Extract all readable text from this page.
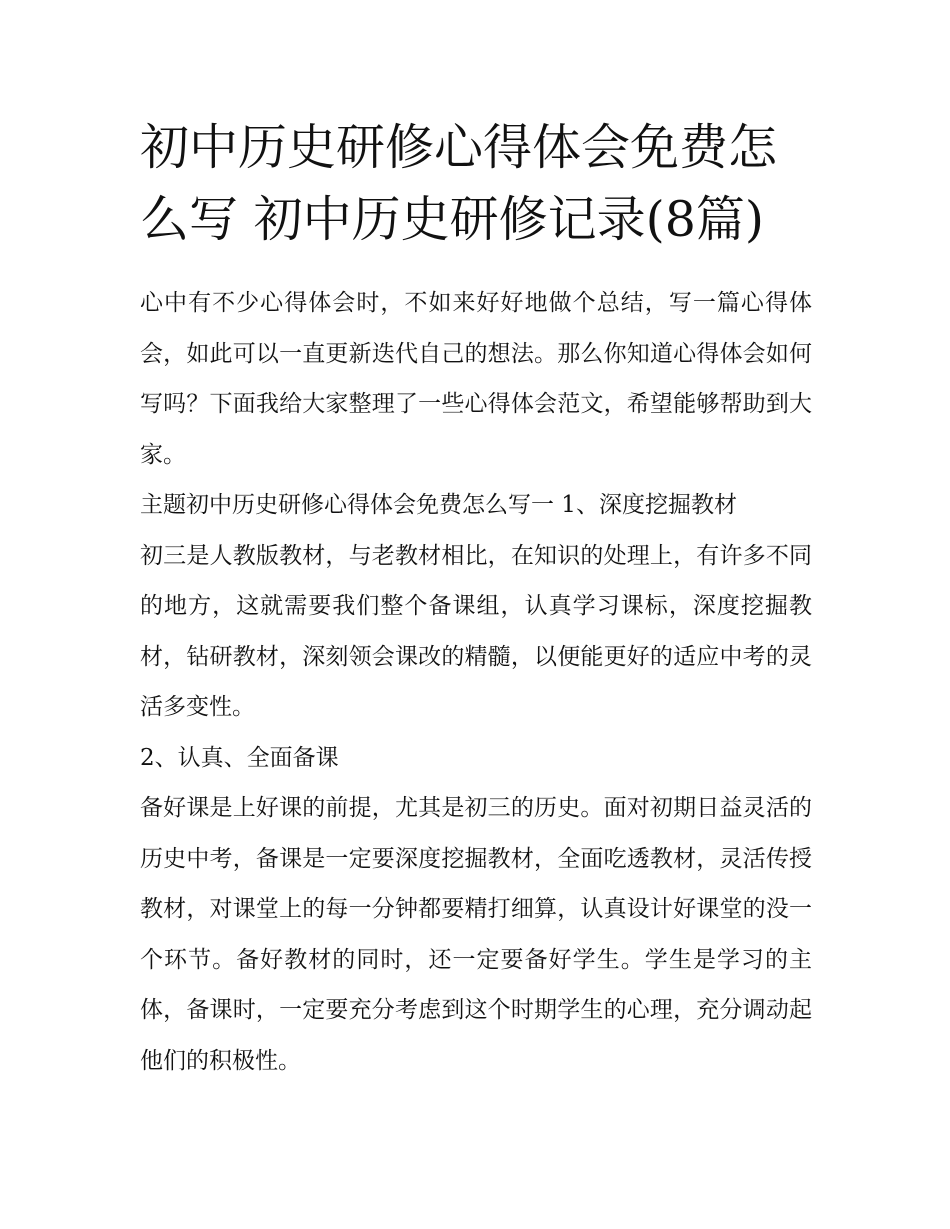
初中历史研修心得体会免费怎么写 初中历史研修记录(8篇)

心中有不少心得体会时，不如来好好地做个总结，写一篇心得体会，如此可以一直更新迭代自己的想法。那么你知道心得体会如何写吗？下面我给大家整理了一些心得体会范文，希望能够帮助到大家。

主题初中历史研修心得体会免费怎么写一 1、深度挖掘教材

初三是人教版教材，与老教材相比，在知识的处理上，有许多不同的地方，这就需要我们整个备课组，认真学习课标，深度挖掘教材，钻研教材，深刻领会课改的精髓，以便能更好的适应中考的灵活多变性。

2、认真、全面备课

备好课是上好课的前提，尤其是初三的历史。面对初期日益灵活的历史中考，备课是一定要深度挖掘教材，全面吃透教材，灵活传授教材，对课堂上的每一分钟都要精打细算，认真设计好课堂的没一个环节。备好教材的同时，还一定要备好学生。学生是学习的主体，备课时，一定要充分考虑到这个时期学生的心理，充分调动起他们的积极性。
